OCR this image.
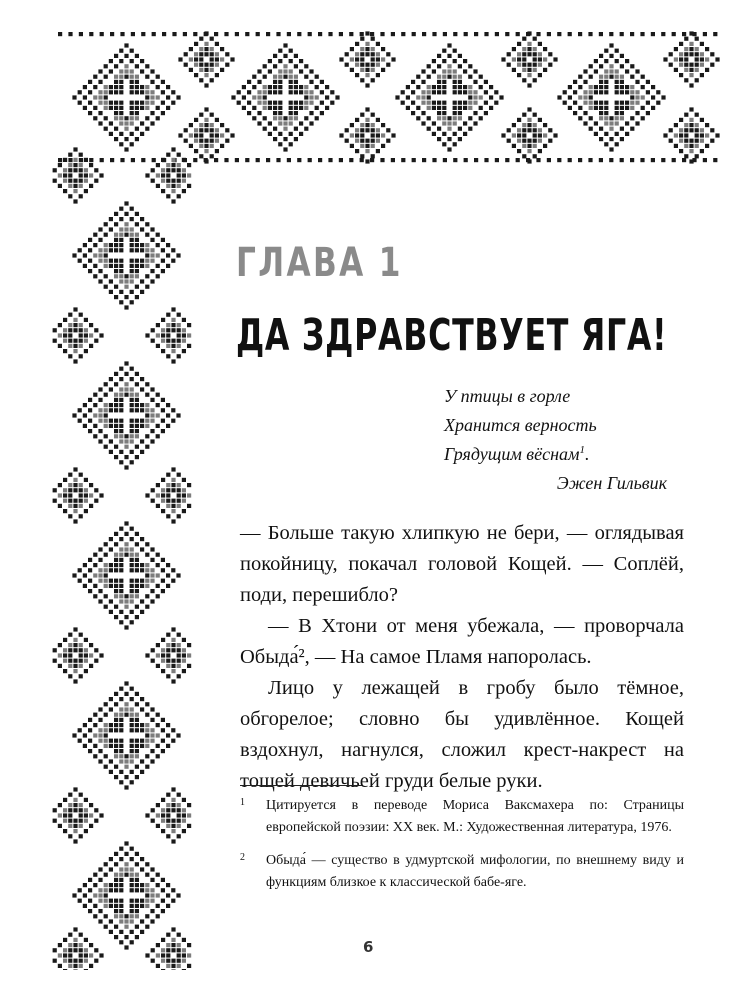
ГЛАВА 1
ДА ЗДРАВСТВУЕТ ЯГА!
У птицы в горле
Хранится верность
Грядущим вёснам$^1$.
Эжен Гильвик

— Больше такую хлипкую не бери, — оглядывая покойницу, покачал головой Кощей. — Соплёй, поди, перешибло?

— В Хтони от меня убежала, — проворчала Обыда́², — На самое Пламя напоролась.

Лицо у лежащей в гробу было тёмное, обгорелое; словно бы удивлённое. Кощей вздохнул, нагнулся, сложил крест-накрест на тощей девичьей груди белые руки.

1 Цитируется в переводе Мориса Ваксмахера по: Страницы европейской поэзии: XX век. М.: Художественная литература, 1976.
2 Обыда́ — существо в удмуртской мифологии, по внешнему виду и функциям близкое к классической бабе-яге.
6
